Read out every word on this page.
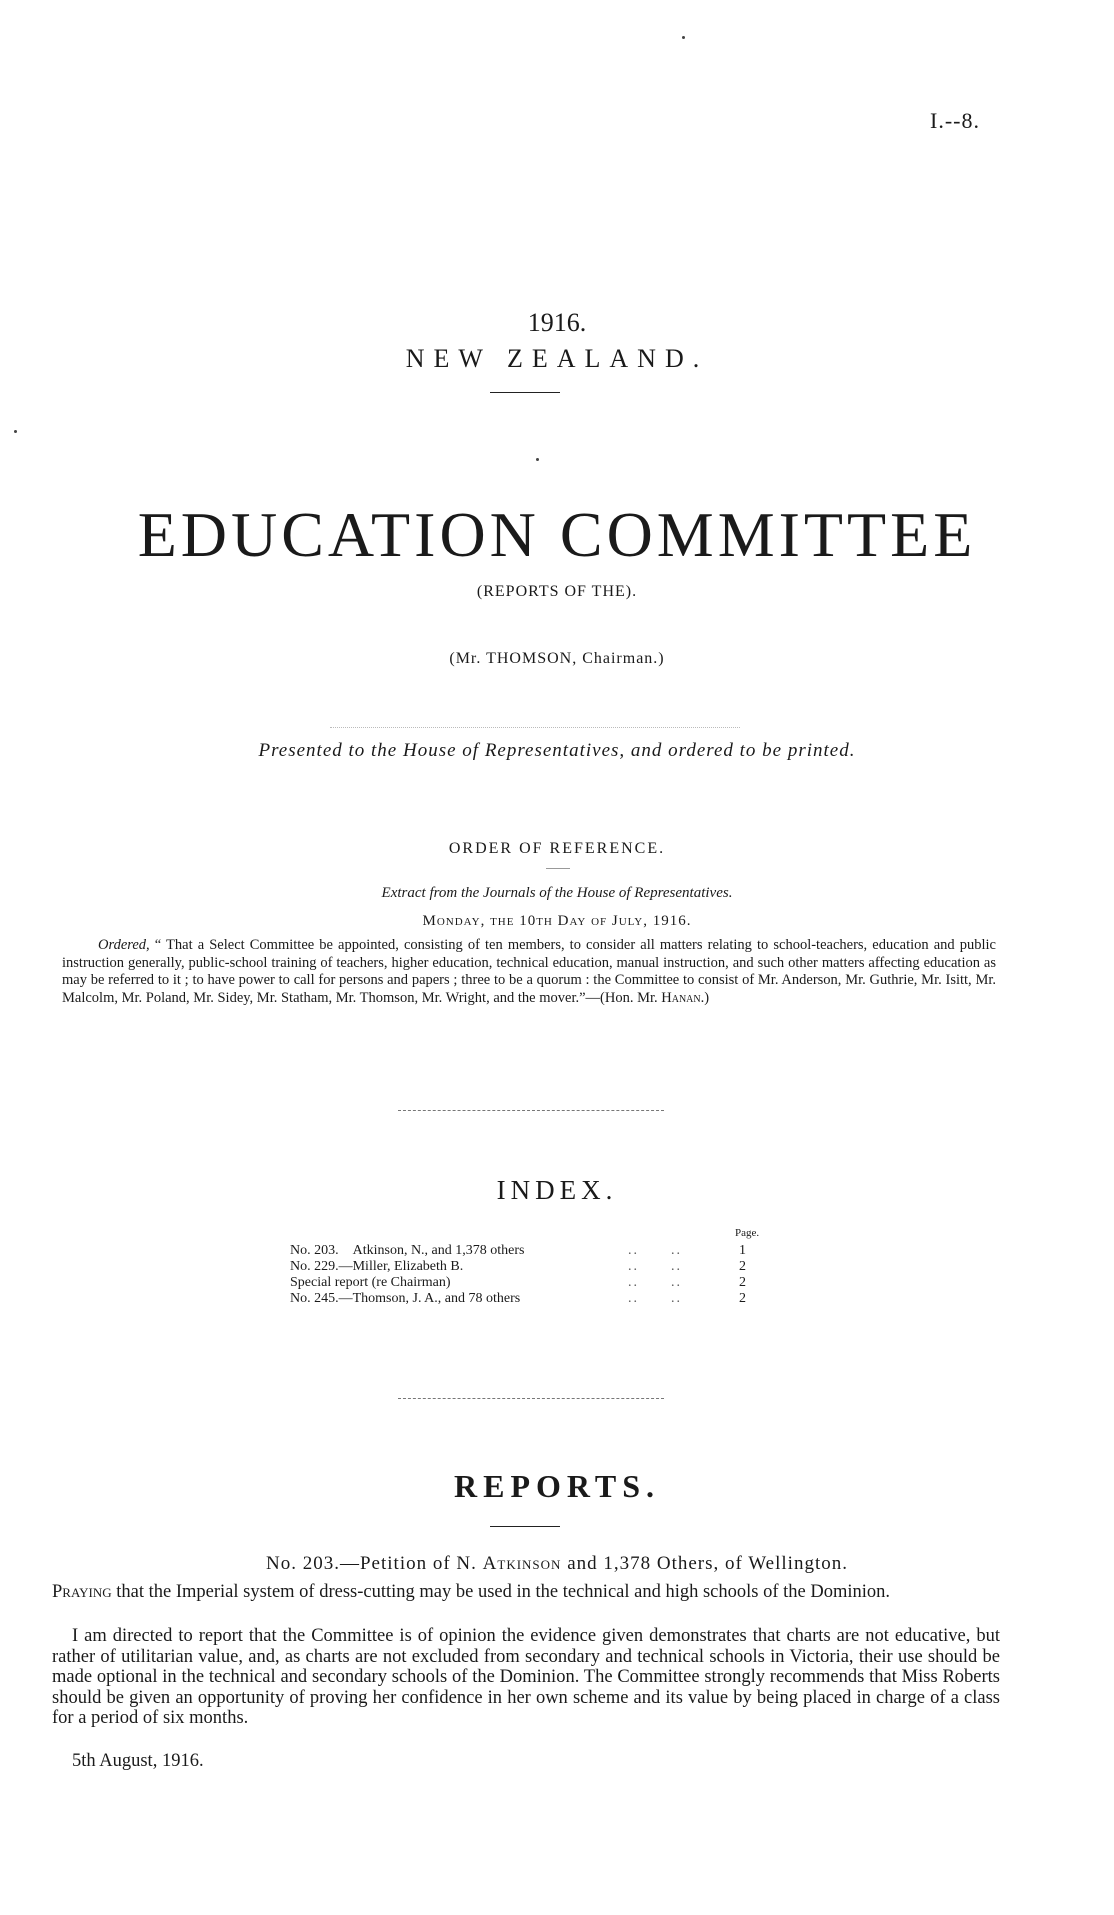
I.--8.
1916.
NEW ZEALAND.
EDUCATION COMMITTEE
(REPORTS OF THE).
(Mr. THOMSON, Chairman.)
Presented to the House of Representatives, and ordered to be printed.
ORDER OF REFERENCE.
Extract from the Journals of the House of Representatives.
Monday, the 10th Day of July, 1916.
Ordered, “ That a Select Committee be appointed, consisting of ten members, to consider all matters relating to school-teachers, education and public instruction generally, public-school training of teachers, higher education, technical education, manual instruction, and such other matters affecting education as may be referred to it ; to have power to call for persons and papers ; three to be a quorum : the Committee to consist of Mr. Anderson, Mr. Guthrie, Mr. Isitt, Mr. Malcolm, Mr. Poland, Mr. Sidey, Mr. Statham, Mr. Thomson, Mr. Wright, and the mover.”—(Hon. Mr. Hanan.)
INDEX.
Page.
No. 203. Atkinson, N., and 1,378 others	..  ..	1
No. 229.—Miller, Elizabeth B.	..  ..	2
Special report (re Chairman)	..  ..	2
No. 245.—Thomson, J. A., and 78 others	..  ..	2
REPORTS.
No. 203.—Petition of N. Atkinson and 1,378 Others, of Wellington.
Praying that the Imperial system of dress-cutting may be used in the technical and high schools of the Dominion.
I am directed to report that the Committee is of opinion the evidence given demonstrates that charts are not educative, but rather of utilitarian value, and, as charts are not excluded from secondary and technical schools in Victoria, their use should be made optional in the technical and secondary schools of the Dominion. The Committee strongly recommends that Miss Roberts should be given an opportunity of proving her confidence in her own scheme and its value by being placed in charge of a class for a period of six months.
5th August, 1916.
